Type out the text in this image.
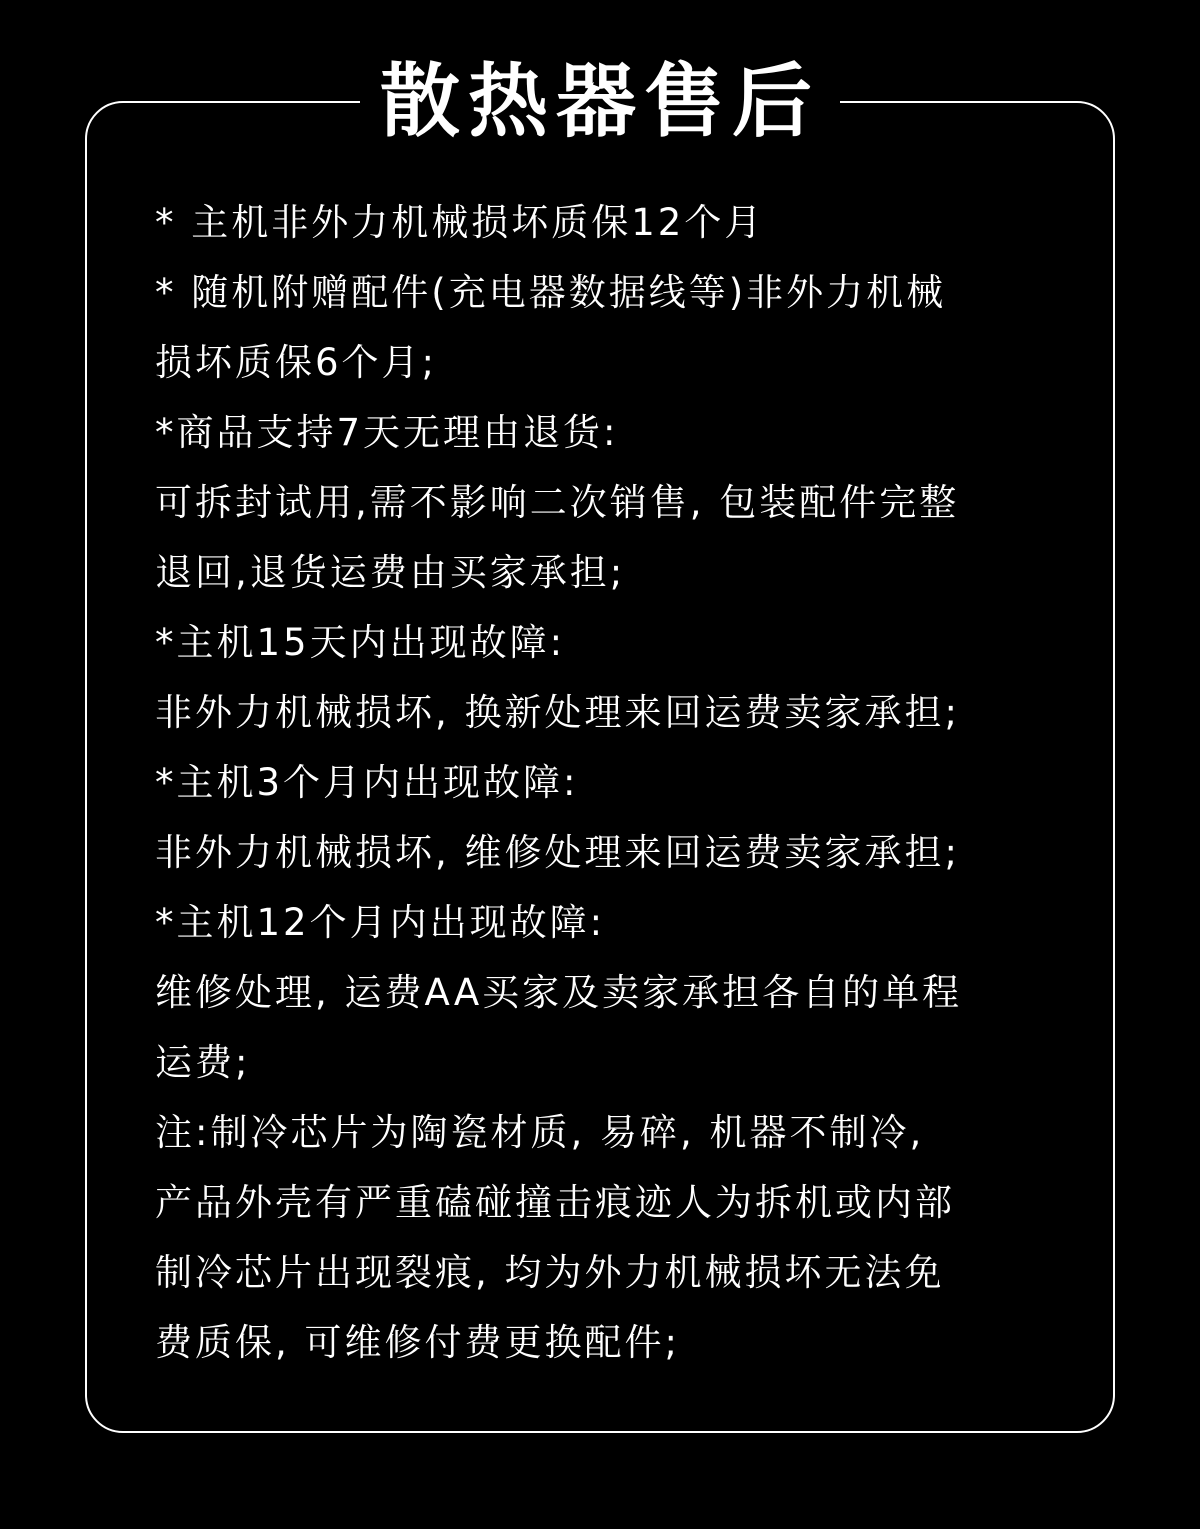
散热器售后
* 主机非外力机械损坏质保12个月
* 随机附赠配件(充电器数据线等)非外力机械
损坏质保6个月;
*商品支持7天无理由退货:
可拆封试用,需不影响二次销售, 包装配件完整
退回,退货运费由买家承担;
*主机15天内出现故障:
非外力机械损坏, 换新处理来回运费卖家承担;
*主机3个月内出现故障:
非外力机械损坏, 维修处理来回运费卖家承担;
*主机12个月内出现故障:
维修处理, 运费AA买家及卖家承担各自的单程
运费;
注:制冷芯片为陶瓷材质, 易碎, 机器不制冷,
产品外壳有严重磕碰撞击痕迹人为拆机或内部
制冷芯片出现裂痕, 均为外力机械损坏无法免
费质保, 可维修付费更换配件;
